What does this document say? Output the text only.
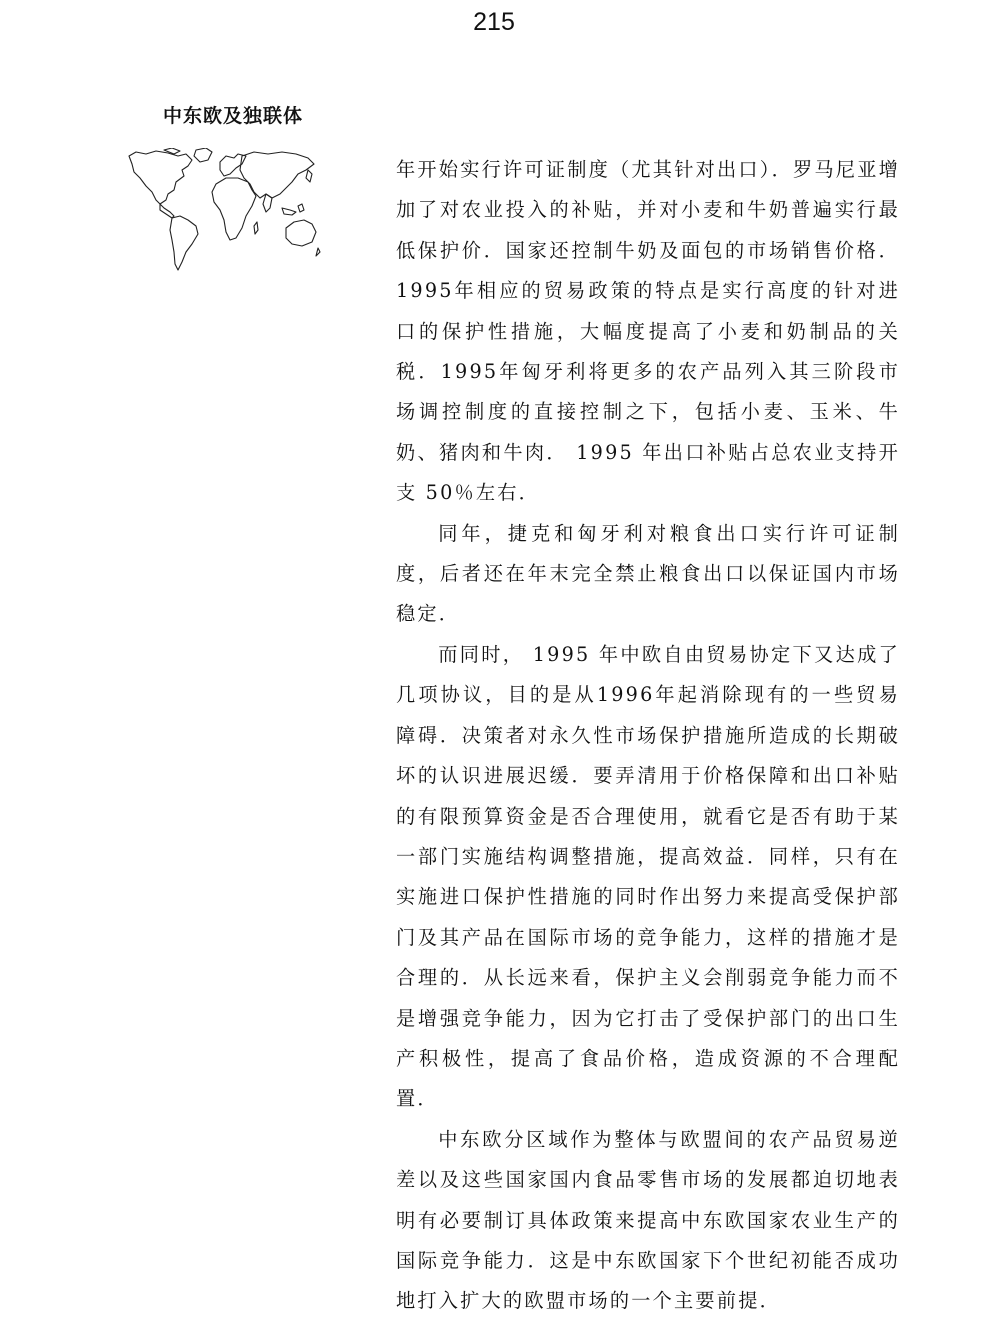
215
中东欧及独联体

年开始实行许可证制度（尤其针对出口）．罗马尼亚增加了对农业投入的补贴，并对小麦和牛奶普遍实行最低保护价．国家还控制牛奶及面包的市场销售价格．1995年相应的贸易政策的特点是实行高度的针对进口的保护性措施，大幅度提高了小麦和奶制品的关税．1995年匈牙利将更多的农产品列入其三阶段市场调控制度的直接控制之下，包括小麦、玉米、牛奶、猪肉和牛肉． 1995 年出口补贴占总农业支持开支 50％左右．

同年，捷克和匈牙利对粮食出口实行许可证制度，后者还在年末完全禁止粮食出口以保证国内市场稳定．

而同时， 1995 年中欧自由贸易协定下又达成了几项协议，目的是从1996年起消除现有的一些贸易障碍．决策者对永久性市场保护措施所造成的长期破坏的认识进展迟缓．要弄清用于价格保障和出口补贴的有限预算资金是否合理使用，就看它是否有助于某一部门实施结构调整措施，提高效益．同样，只有在实施进口保护性措施的同时作出努力来提高受保护部门及其产品在国际市场的竞争能力，这样的措施才是合理的．从长远来看，保护主义会削弱竞争能力而不是增强竞争能力，因为它打击了受保护部门的出口生产积极性，提高了食品价格，造成资源的不合理配置．

中东欧分区域作为整体与欧盟间的农产品贸易逆差以及这些国家国内食品零售市场的发展都迫切地表明有必要制订具体政策来提高中东欧国家农业生产的国际竞争能力．这是中东欧国家下个世纪初能否成功地打入扩大的欧盟市场的一个主要前提．
